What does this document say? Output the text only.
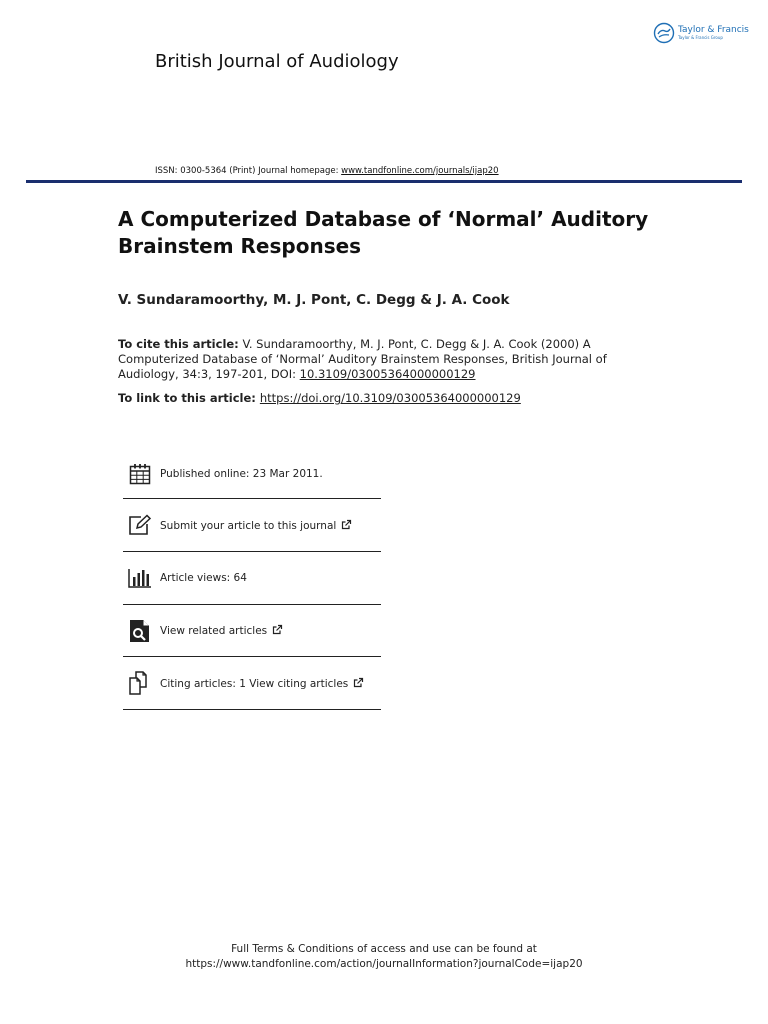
British Journal of Audiology
Taylor & Francis
Taylor & Francis Group
ISSN: 0300-5364 (Print) Journal homepage: www.tandfonline.com/journals/ijap20
A Computerized Database of ‘Normal’ Auditory Brainstem Responses
V. Sundaramoorthy, M. J. Pont, C. Degg & J. A. Cook
To cite this article: V. Sundaramoorthy, M. J. Pont, C. Degg & J. A. Cook (2000) A Computerized Database of ‘Normal’ Auditory Brainstem Responses, British Journal of Audiology, 34:3, 197-201, DOI: 10.3109/03005364000000129
To link to this article: https://doi.org/10.3109/03005364000000129
Published online: 23 Mar 2011.
Submit your article to this journal
Article views: 64
View related articles
Citing articles: 1 View citing articles
Full Terms & Conditions of access and use can be found at
https://www.tandfonline.com/action/journalInformation?journalCode=ijap20
